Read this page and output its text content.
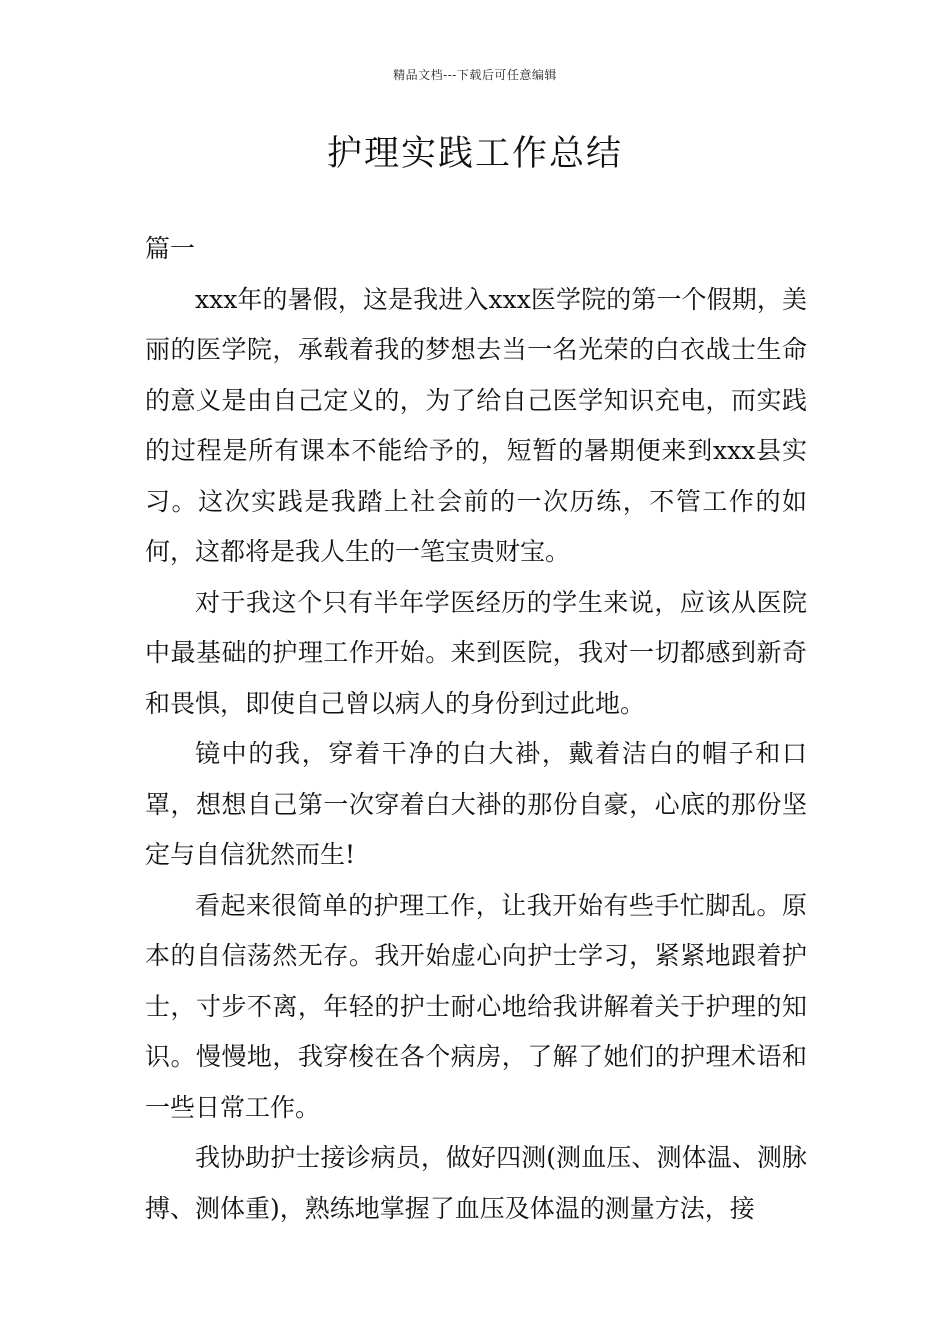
精品文档---下载后可任意编辑
护理实践工作总结

篇一

xxx年的暑假，这是我进入xxx医学院的第一个假期，美丽的医学院，承载着我的梦想去当一名光荣的白衣战士生命的意义是由自己定义的，为了给自己医学知识充电，而实践的过程是所有课本不能给予的，短暂的暑期便来到xxx县实习。这次实践是我踏上社会前的一次历练，不管工作的如何，这都将是我人生的一笔宝贵财宝。

对于我这个只有半年学医经历的学生来说，应该从医院中最基础的护理工作开始。来到医院，我对一切都感到新奇和畏惧，即使自己曾以病人的身份到过此地。

镜中的我，穿着干净的白大褂，戴着洁白的帽子和口罩，想想自己第一次穿着白大褂的那份自豪，心底的那份坚定与自信犹然而生!

看起来很简单的护理工作，让我开始有些手忙脚乱。原本的自信荡然无存。我开始虚心向护士学习，紧紧地跟着护士，寸步不离，年轻的护士耐心地给我讲解着关于护理的知识。慢慢地，我穿梭在各个病房，了解了她们的护理术语和一些日常工作。

我协助护士接诊病员，做好四测(测血压、测体温、测脉搏、测体重)，熟练地掌握了血压及体温的测量方法，接
